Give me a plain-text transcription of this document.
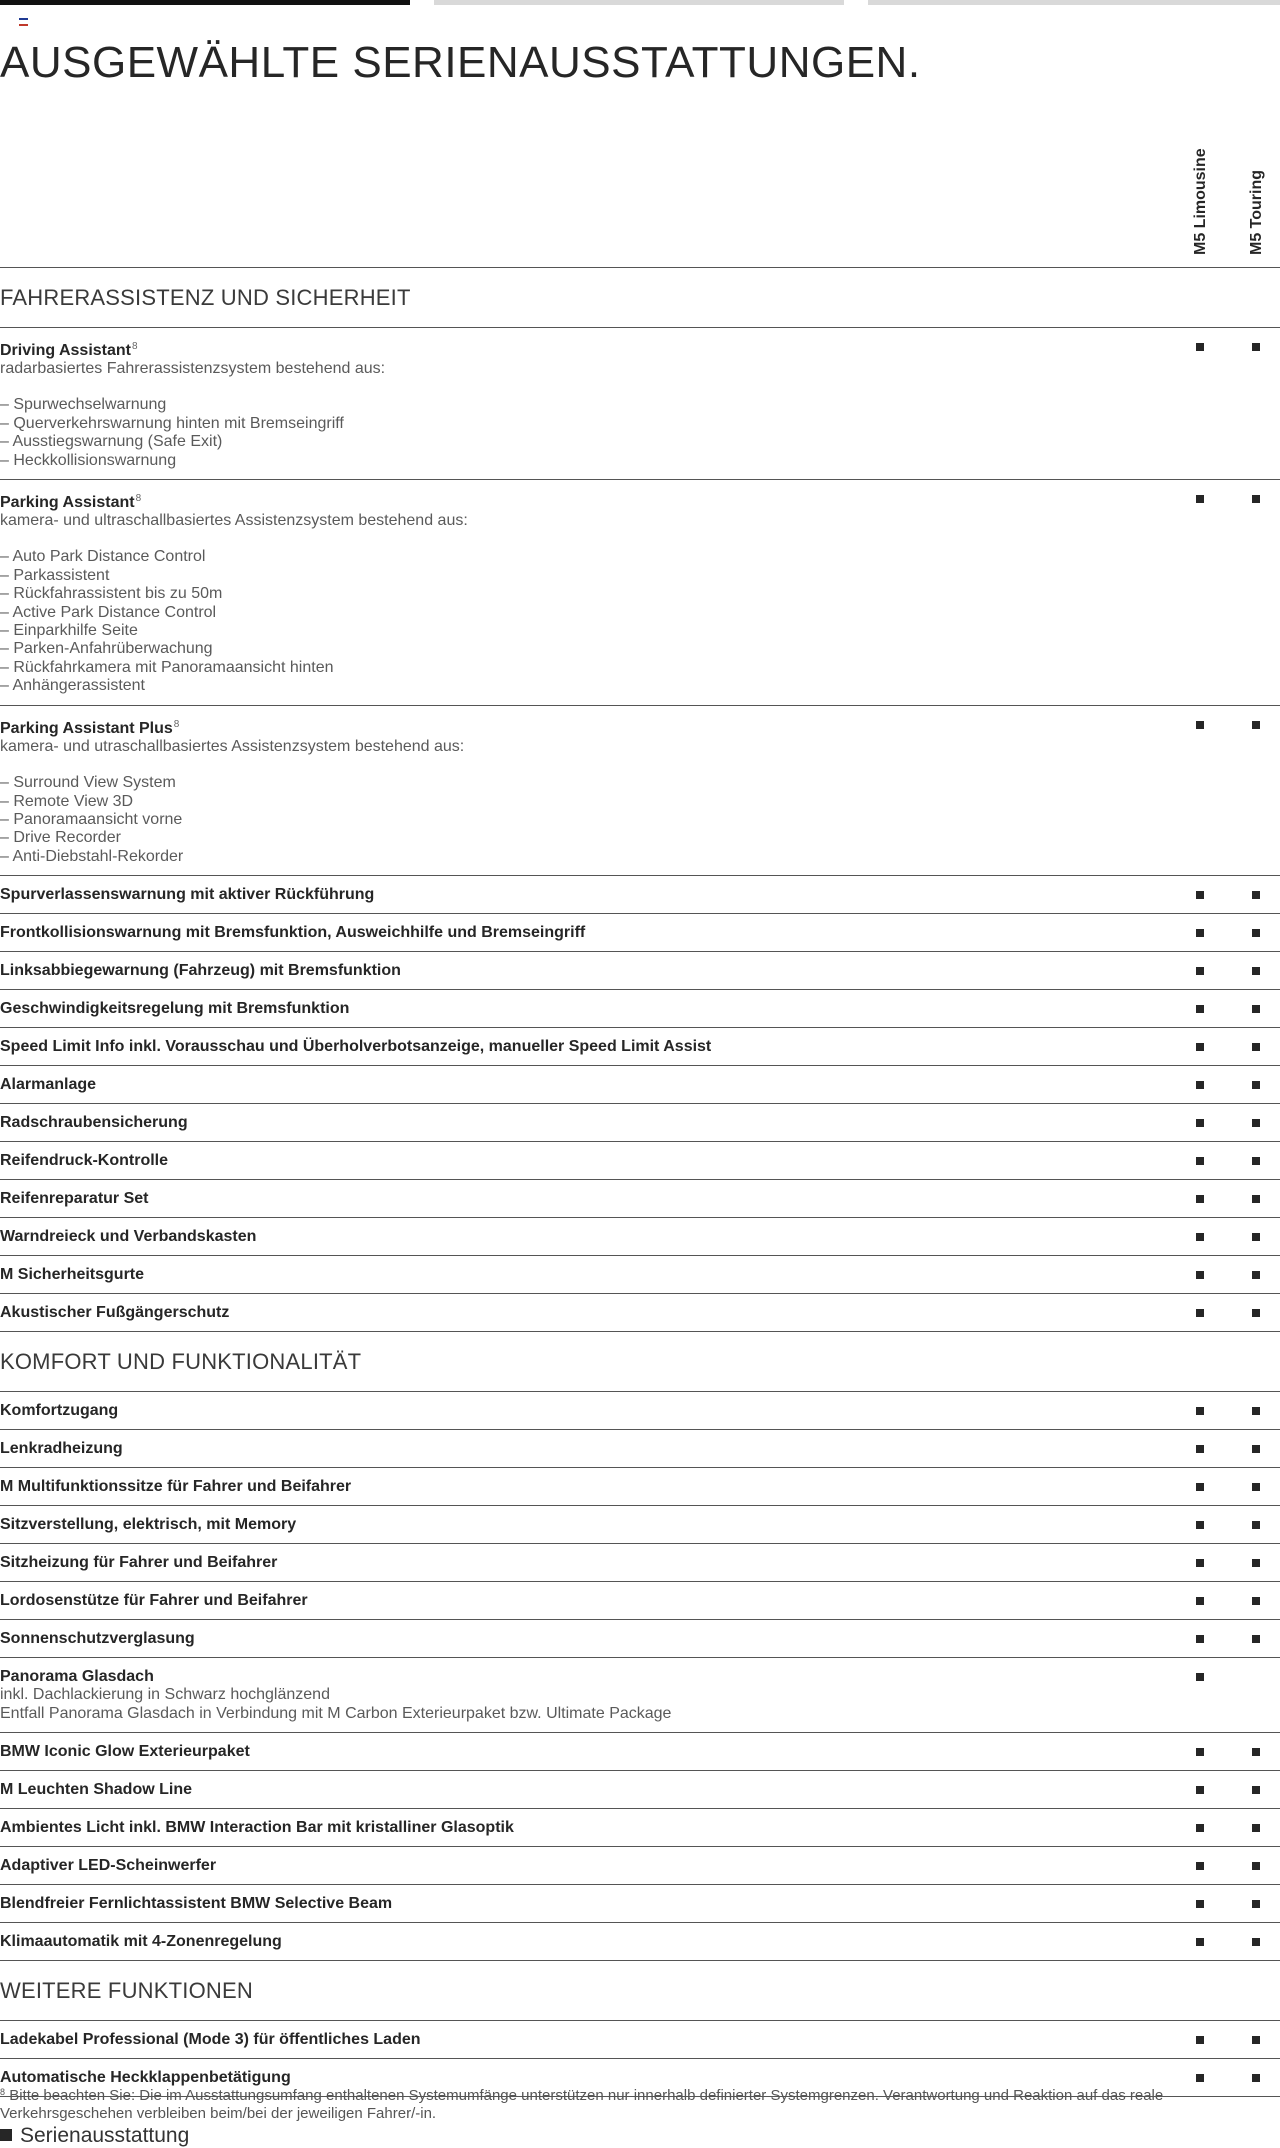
AUSGEWÄHLTE SERIENAUSSTATTUNGEN.
M5 Limousine M5 Touring
FAHRERASSISTENZ UND SICHERHEIT
Driving Assistant$^8$
radarbasiertes Fahrerassistenzsystem bestehend aus:
– Spurwechselwarnung
– Querverkehrswarnung hinten mit Bremseingriff
– Ausstiegswarnung (Safe Exit)
– Heckkollisionswarnung
Parking Assistant$^8$
kamera- und ultraschallbasiertes Assistenzsystem bestehend aus:
– Auto Park Distance Control
– Parkassistent
– Rückfahrassistent bis zu 50m
– Active Park Distance Control
– Einparkhilfe Seite
– Parken-Anfahrüberwachung
– Rückfahrkamera mit Panoramaansicht hinten
– Anhängerassistent
Parking Assistant Plus$^8$
kamera- und utraschallbasiertes Assistenzsystem bestehend aus:
– Surround View System
– Remote View 3D
– Panoramaansicht vorne
– Drive Recorder
– Anti-Diebstahl-Rekorder
Spurverlassenswarnung mit aktiver Rückführung
Frontkollisionswarnung mit Bremsfunktion, Ausweichhilfe und Bremseingriff
Linksabbiegewarnung (Fahrzeug) mit Bremsfunktion
Geschwindigkeitsregelung mit Bremsfunktion
Speed Limit Info inkl. Vorausschau und Überholverbotsanzeige, manueller Speed Limit Assist
Alarmanlage
Radschraubensicherung
Reifendruck-Kontrolle
Reifenreparatur Set
Warndreieck und Verbandskasten
M Sicherheitsgurte
Akustischer Fußgängerschutz
KOMFORT UND FUNKTIONALITÄT
Komfortzugang
Lenkradheizung
M Multifunktionssitze für Fahrer und Beifahrer
Sitzverstellung, elektrisch, mit Memory
Sitzheizung für Fahrer und Beifahrer
Lordosenstütze für Fahrer und Beifahrer
Sonnenschutzverglasung
Panorama Glasdach
inkl. Dachlackierung in Schwarz hochglänzend
Entfall Panorama Glasdach in Verbindung mit M Carbon Exterieurpaket bzw. Ultimate Package
BMW Iconic Glow Exterieurpaket
M Leuchten Shadow Line
Ambientes Licht inkl. BMW Interaction Bar mit kristalliner Glasoptik
Adaptiver LED-Scheinwerfer
Blendfreier Fernlichtassistent BMW Selective Beam
Klimaautomatik mit 4-Zonenregelung
WEITERE FUNKTIONEN
Ladekabel Professional (Mode 3) für öffentliches Laden
Automatische Heckklappenbetätigung
$^8$ Bitte beachten Sie: Die im Ausstattungsumfang enthaltenen Systemumfänge unterstützen nur innerhalb definierter Systemgrenzen. Verantwortung und Reaktion auf das reale Verkehrsgeschehen verbleiben beim/bei der jeweiligen Fahrer/-in.
Serienausstattung
